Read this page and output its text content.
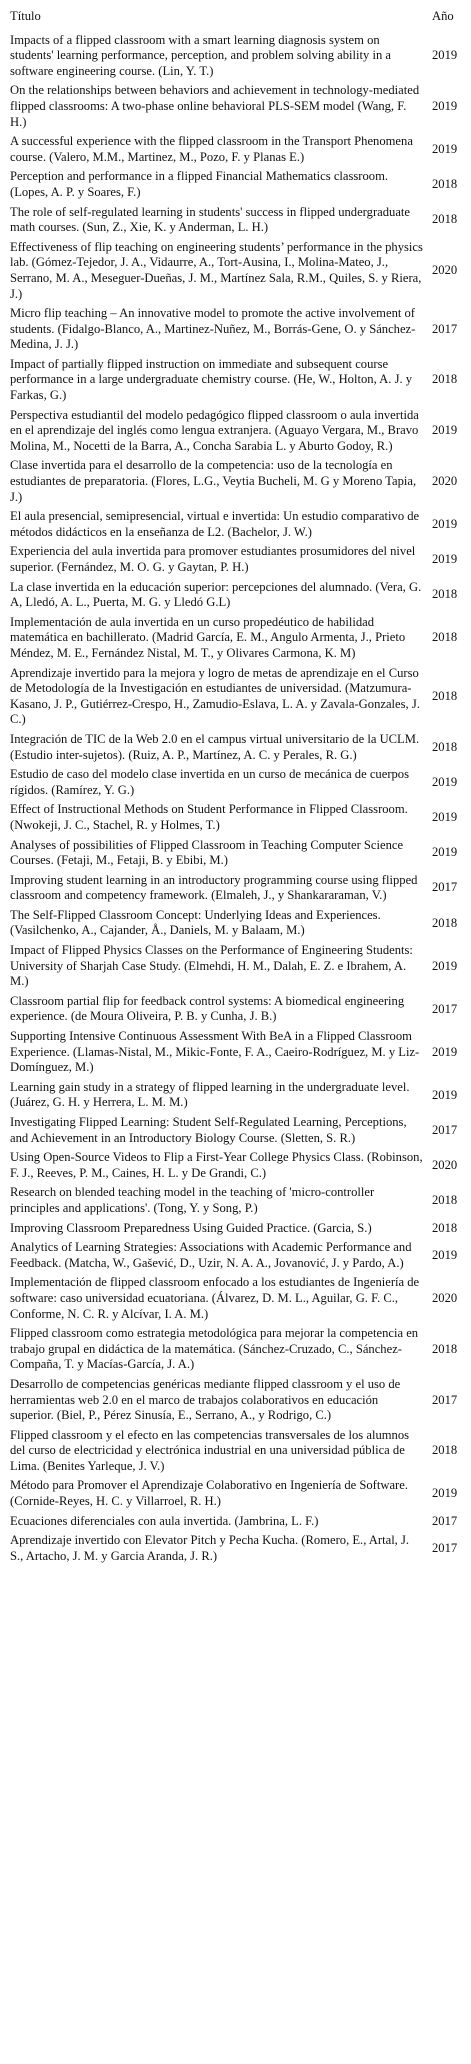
Título	Año
Impacts of a flipped classroom with a smart learning diagnosis system on students' learning performance, perception, and problem solving ability in a software engineering course. (Lin, Y. T.)	2019
On the relationships between behaviors and achievement in technology-mediated flipped classrooms: A two-phase online behavioral PLS-SEM model (Wang, F. H.)	2019
A successful experience with the flipped classroom in the Transport Phenomena course. (Valero, M.M., Martinez, M., Pozo, F. y Planas E.)	2019
Perception and performance in a flipped Financial Mathematics classroom. (Lopes, A. P. y Soares, F.)	2018
The role of self-regulated learning in students' success in flipped undergraduate math courses. (Sun, Z., Xie, K. y Anderman, L. H.)	2018
Effectiveness of flip teaching on engineering students’ performance in the physics lab. (Gómez-Tejedor, J. A., Vidaurre, A., Tort-Ausina, I., Molina-Mateo, J., Serrano, M. A., Meseguer-Dueñas, J. M., Martínez Sala, R.M., Quiles, S. y Riera, J.)	2020
Micro flip teaching – An innovative model to promote the active involvement of students. (Fidalgo-Blanco, A., Martinez-Nuñez, M., Borrás-Gene, O. y Sánchez-Medina, J. J.)	2017
Impact of partially flipped instruction on immediate and subsequent course performance in a large undergraduate chemistry course. (He, W., Holton, A. J. y Farkas, G.)	2018
Perspectiva estudiantil del modelo pedagógico flipped classroom o aula invertida en el aprendizaje del inglés como lengua extranjera. (Aguayo Vergara, M., Bravo Molina, M., Nocetti de la Barra, A., Concha Sarabia L. y Aburto Godoy, R.)	2019
Clase invertida para el desarrollo de la competencia: uso de la tecnología en estudiantes de preparatoria. (Flores, L.G., Veytia Bucheli, M. G y Moreno Tapia, J.)	2020
El aula presencial, semipresencial, virtual e invertida: Un estudio comparativo de métodos didácticos en la enseñanza de L2. (Bachelor, J. W.)	2019
Experiencia del aula invertida para promover estudiantes prosumidores del nivel superior. (Fernández, M. O. G. y Gaytan, P. H.)	2019
La clase invertida en la educación superior: percepciones del alumnado. (Vera, G. A, Lledó, A. L., Puerta, M. G. y Lledó G.L)	2018
Implementación de aula invertida en un curso propedéutico de habilidad matemática en bachillerato. (Madrid García, E. M., Angulo Armenta, J., Prieto Méndez, M. E., Fernández Nistal, M. T., y Olivares Carmona, K. M)	2018
Aprendizaje invertido para la mejora y logro de metas de aprendizaje en el Curso de Metodología de la Investigación en estudiantes de universidad. (Matzumura-Kasano, J. P., Gutiérrez-Crespo, H., Zamudio-Eslava, L. A. y Zavala-Gonzales, J. C.)	2018
Integración de TIC de la Web 2.0 en el campus virtual universitario de la UCLM. (Estudio inter-sujetos). (Ruiz, A. P., Martínez, A. C. y Perales, R. G.)	2018
Estudio de caso del modelo clase invertida en un curso de mecánica de cuerpos rígidos. (Ramírez, Y. G.)	2019
Effect of Instructional Methods on Student Performance in Flipped Classroom. (Nwokeji, J. C., Stachel, R. y Holmes, T.)	2019
Analyses of possibilities of Flipped Classroom in Teaching Computer Science Courses. (Fetaji, M., Fetaji, B. y Ebibi, M.)	2019
Improving student learning in an introductory programming course using flipped classroom and competency framework. (Elmaleh, J., y Shankararaman, V.)	2017
The Self-Flipped Classroom Concept: Underlying Ideas and Experiences. (Vasilchenko, A., Cajander, Å., Daniels, M. y Balaam, M.)	2018
Impact of Flipped Physics Classes on the Performance of Engineering Students: University of Sharjah Case Study. (Elmehdi, H. M., Dalah, E. Z. e Ibrahem, A. M.)	2019
Classroom partial flip for feedback control systems: A biomedical engineering experience. (de Moura Oliveira, P. B. y Cunha, J. B.)	2017
Supporting Intensive Continuous Assessment With BeA in a Flipped Classroom Experience. (Llamas-Nistal, M., Mikic-Fonte, F. A., Caeiro-Rodríguez, M. y Liz-Domínguez, M.)	2019
Learning gain study in a strategy of flipped learning in the undergraduate level. (Juárez, G. H. y Herrera, L. M. M.)	2019
Investigating Flipped Learning: Student Self-Regulated Learning, Perceptions, and Achievement in an Introductory Biology Course. (Sletten, S. R.)	2017
Using Open-Source Videos to Flip a First-Year College Physics Class. (Robinson, F. J., Reeves, P. M., Caines, H. L. y De Grandi, C.)	2020
Research on blended teaching model in the teaching of 'micro-controller principles and applications'. (Tong, Y. y Song, P.)	2018
Improving Classroom Preparedness Using Guided Practice. (Garcia, S.)	2018
Analytics of Learning Strategies: Associations with Academic Performance and Feedback. (Matcha, W., Gašević, D., Uzir, N. A. A., Jovanović, J. y Pardo, A.)	2019
Implementación de flipped classroom enfocado a los estudiantes de Ingeniería de software: caso universidad ecuatoriana. (Álvarez, D. M. L., Aguilar, G. F. C., Conforme, N. C. R. y Alcívar, I. A. M.)	2020
Flipped classroom como estrategia metodológica para mejorar la competencia en trabajo grupal en didáctica de la matemática. (Sánchez-Cruzado, C., Sánchez-Compaña, T. y Macías-García, J. A.)	2018
Desarrollo de competencias genéricas mediante flipped classroom y el uso de herramientas web 2.0 en el marco de trabajos colaborativos en educación superior. (Biel, P., Pérez Sinusía, E., Serrano, A., y Rodrigo, C.)	2017
Flipped classroom y el efecto en las competencias transversales de los alumnos del curso de electricidad y electrónica industrial en una universidad pública de Lima. (Benites Yarleque, J. V.)	2018
Método para Promover el Aprendizaje Colaborativo en Ingeniería de Software. (Cornide-Reyes, H. C. y Villarroel, R. H.)	2019
Ecuaciones diferenciales con aula invertida. (Jambrina, L. F.)	2017
Aprendizaje invertido con Elevator Pitch y Pecha Kucha. (Romero, E., Artal, J. S., Artacho, J. M. y Garcia Aranda, J. R.)	2017
